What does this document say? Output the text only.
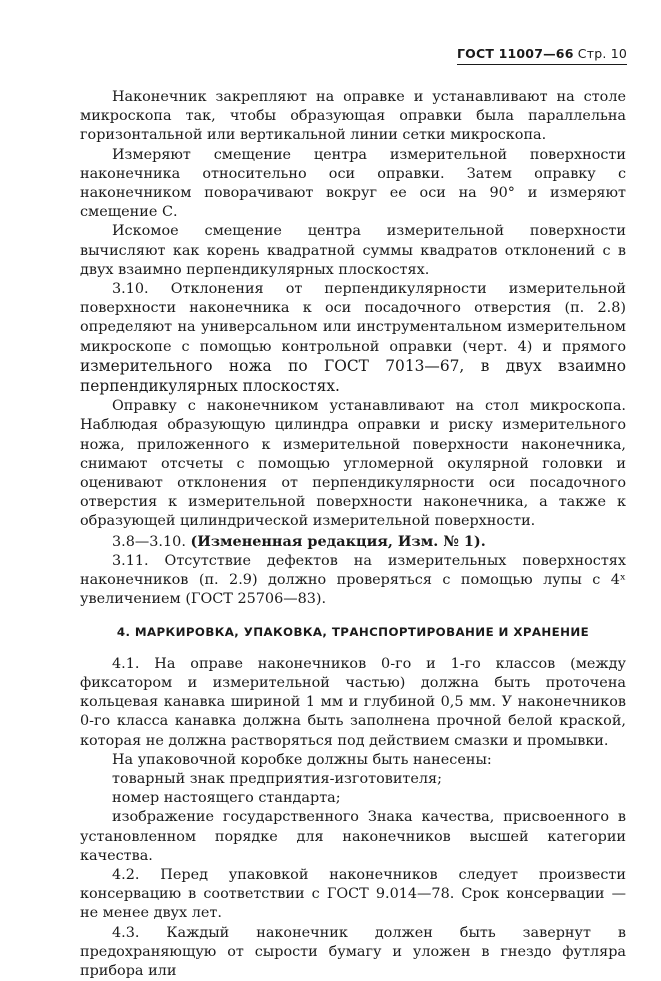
ГОСТ 11007—66 Стр. 10

Наконечник закрепляют на оправке и устанавливают на столе микроскопа так, чтобы образующая оправки была параллельна горизонтальной или вертикальной линии сетки микроскопа.

Измеряют смещение центра измерительной поверхности наконечника относительно оси оправки. Затем оправку с наконечником поворачивают вокруг ее оси на 90° и измеряют смещение С.

Искомое смещение центра измерительной поверхности вычисляют как корень квадратной суммы квадратов отклонений с в двух взаимно перпендикулярных плоскостях.

3.10. Отклонения от перпендикулярности измерительной поверхности наконечника к оси посадочного отверстия (п. 2.8) определяют на универсальном или инструментальном измерительном микроскопе с помощью контрольной оправки (черт. 4) и прямого измерительного ножа по ГОСТ 7013—67, в двух взаимно перпендикулярных плоскостях.

Оправку с наконечником устанавливают на стол микроскопа. Наблюдая образующую цилиндра оправки и риску измерительного ножа, приложенного к измерительной поверхности наконечника, снимают отсчеты с помощью угломерной окулярной головки и оценивают отклонения от перпендикулярности оси посадочного отверстия к измерительной поверхности наконечника, а также к образующей цилиндрической измерительной поверхности.

3.8—3.10. (Измененная редакция, Изм. № 1).

3.11. Отсутствие дефектов на измерительных поверхностях наконечников (п. 2.9) должно проверяться с помощью лупы с 4ˣ увеличением (ГОСТ 25706—83).

4. МАРКИРОВКА, УПАКОВКА, ТРАНСПОРТИРОВАНИЕ И ХРАНЕНИЕ

4.1. На оправе наконечников 0-го и 1-го классов (между фиксатором и измерительной частью) должна быть проточена кольцевая канавка шириной 1 мм и глубиной 0,5 мм. У наконечников 0-го класса канавка должна быть заполнена прочной белой краской, которая не должна растворяться под действием смазки и промывки.

На упаковочной коробке должны быть нанесены:

товарный знак предприятия-изготовителя;

номер настоящего стандарта;

изображение государственного Знака качества, присвоенного в установленном порядке для наконечников высшей категории качества.

4.2. Перед упаковкой наконечников следует произвести консервацию в соответствии с ГОСТ 9.014—78. Срок консервации — не менее двух лет.

4.3. Каждый наконечник должен быть завернут в предохраняющую от сырости бумагу и уложен в гнездо футляра прибора или
